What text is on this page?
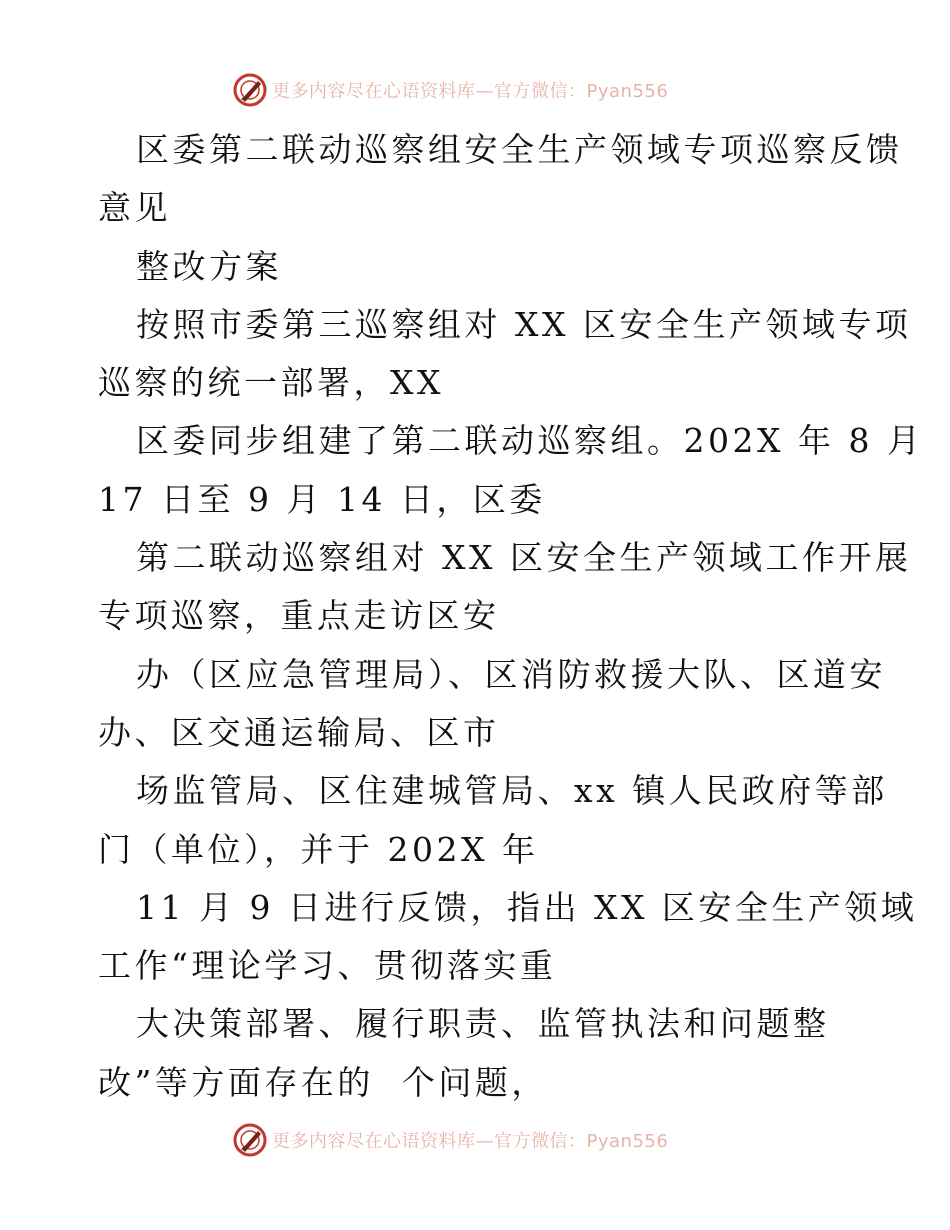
更多内容尽在心语资料库—官方微信：Pyan556
区委第二联动巡察组安全生产领域专项巡察反馈
意见
整改方案
按照市委第三巡察组对 XX 区安全生产领域专项
巡察的统一部署，XX
区委同步组建了第二联动巡察组。202X 年 8 月
17 日至 9 月 14 日，区委
第二联动巡察组对 XX 区安全生产领域工作开展
专项巡察，重点走访区安
办（区应急管理局）、区消防救援大队、区道安
办、区交通运输局、区市
场监管局、区住建城管局、xx 镇人民政府等部
门（单位），并于 202X 年
11 月 9 日进行反馈，指出 XX 区安全生产领域
工作“理论学习、贯彻落实重
大决策部署、履行职责、监管执法和问题整
改”等方面存在的  个问题，
更多内容尽在心语资料库—官方微信：Pyan556
